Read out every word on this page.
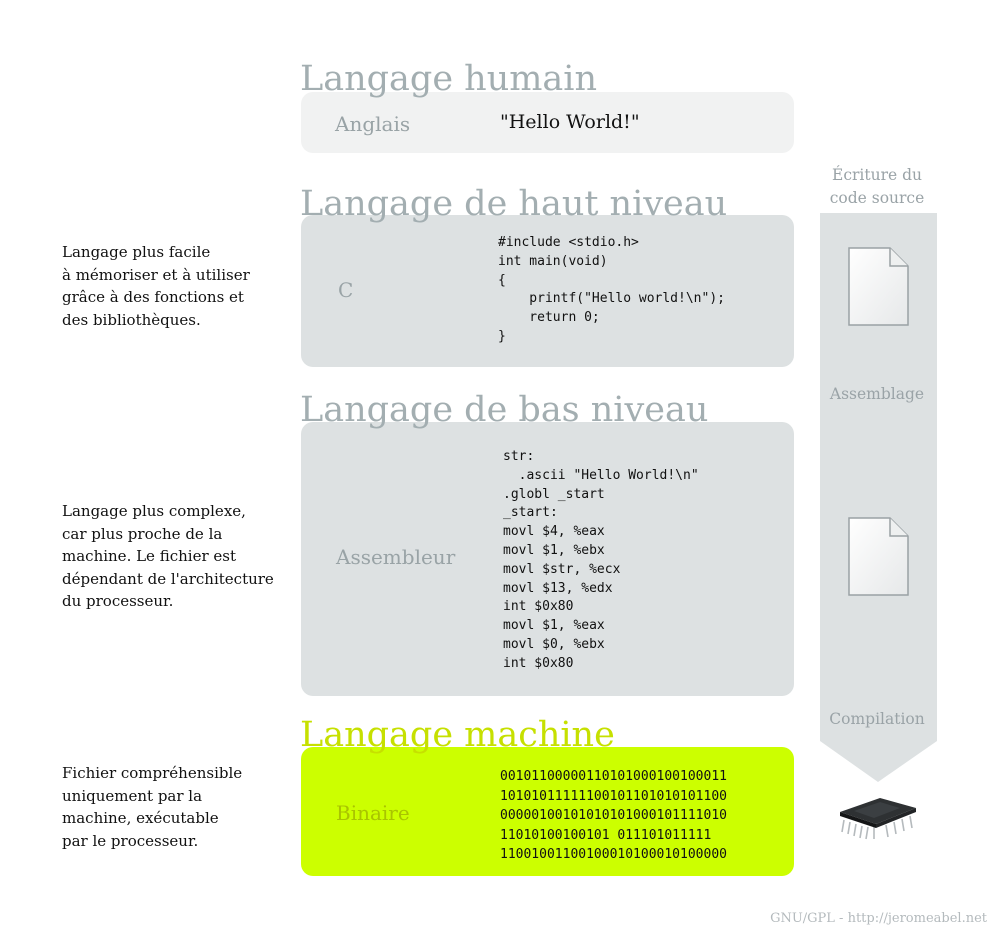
Écriture du
code source
Assemblage
Compilation
Langage humain
Anglais	"Hello World!"
Langage de haut niveau
C
#include <stdio.h>
int main(void)
{
printf("Hello world!\n");
return 0;
}
Langage plus facile
à mémoriser et à utiliser
grâce à des fonctions et
des bibliothèques.
Langage de bas niveau
Assembleur
str:
.ascii "Hello World!\n"
.globl _start
_start:
movl $4, %eax
movl $1, %ebx
movl $str, %ecx
movl $13, %edx
int $0x80
movl $1, %eax
movl $0, %ebx
int $0x80
Langage plus complexe,
car plus proche de la
machine. Le fichier est
dépendant de l'architecture
du processeur.
Langage machine
Binaire
00101100000110101000100100011
10101011111100101101010101100
00000100101010101000101111010
11010100100101 011101011111
11001001100100010100010100000
Fichier compréhensible
uniquement par la
machine, exécutable
par le processeur.
GNU/GPL - http://jeromeabel.net
